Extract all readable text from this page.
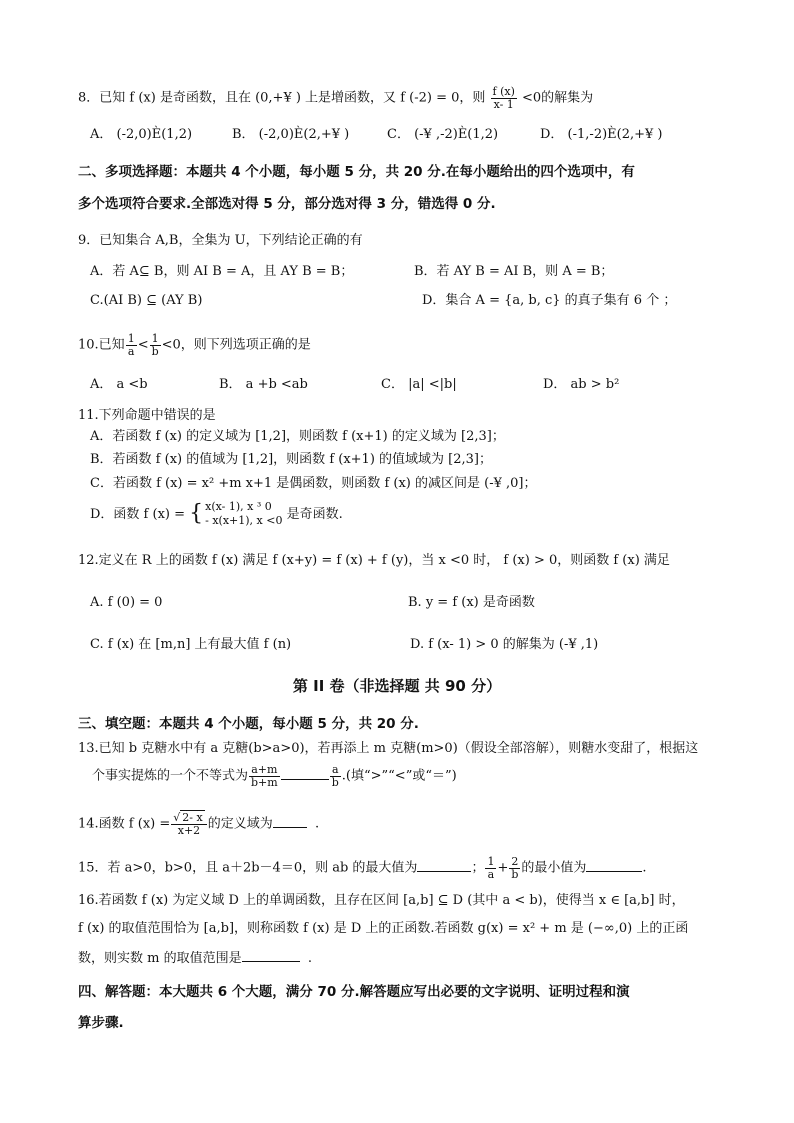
8．已知 f (x) 是奇函数，且在 (0,+¥ ) 上是增函数，又 f (-2) = 0，则 $\frac{f (x)}{x- 1} <0$的解集为
A． (-2,0)È(1,2)	B． (-2,0)È(2,+¥ )	C． (-¥ ,-2)È(1,2)	D． (-1,-2)È(2,+¥ )
二、多项选择题：本题共 4 个小题，每小题 5 分，共 20 分.在每小题给出的四个选项中，有
多个选项符合要求.全部选对得 5 分，部分选对得 3 分，错选得 0 分.
9．已知集合 A,B，全集为 U，下列结论正确的有
A．若 A⊆ B，则 AI B = A，且 AY B = B；	B．若 AY B = AI B，则 A = B；
C.(AI B) ⊆ (AY B)	D．集合 A = {a, b, c} 的真子集有 6 个 ；
10.已知 $\frac{1}{a} < \frac{1}{b} <0$，则下列选项正确的是
A． a <b	B． a +b <ab	C． |a| <|b|	D． ab > b²
11.下列命题中错误的是
A．若函数 f (x) 的定义域为 [1,2]，则函数 f (x+1) 的定义域为 [2,3]；
B．若函数 f (x) 的值域为 [1,2]，则函数 f (x+1) 的值域域为 [2,3]；
C．若函数 f (x) = x² +m x+1 是偶函数，则函数 f (x) 的减区间是 (-¥ ,0]；
D．函数 f (x) = { x(x- 1), x ³ 0
- x(x+1), x <0 是奇函数.
12.定义在 R 上的函数 f (x) 满足 f (x+y) = f (x) + f (y)，当 x <0 时， f (x) > 0，则函数 f (x) 满足
A. f (0) = 0	B. y = f (x) 是奇函数
C. f (x) 在 [m,n] 上有最大值 f (n)	D. f (x- 1) > 0 的解集为 (-¥ ,1)
第 II 卷（非选择题 共 90 分）
三、填空题：本题共 4 个小题，每小题 5 分，共 20 分.
13.已知 b 克糖水中有 a 克糖(b>a>0)，若再添上 m 克糖(m>0)（假设全部溶解），则糖水变甜了，根据这
个事实提炼的一个不等式为 $\frac{a+m}{b+m}$	$\frac{a}{b}$ .(填“>”“<”或“＝”)
14.函数 f $(x) = \frac{√ 2- x}{x+2}$ 的定义域为	.
15．若 a>0，b>0，且 a＋2b－4＝0，则 ab 的最大值为	； $\frac{1}{a} + \frac{2}{b}$ 的最小值为	.
16.若函数 f (x) 为定义域 D 上的单调函数，且存在区间 [a,b] ⊆ D (其中 a < b)，使得当 x ∈ [a,b] 时，
f (x) 的取值范围恰为 [a,b]，则称函数 f (x) 是 D 上的正函数.若函数 g(x) = x² + m 是 (−∞,0) 上的正函
数，则实数 m 的取值范围是	.
四、解答题：本大题共 6 个大题，满分 70 分.解答题应写出必要的文字说明、证明过程和演
算步骤.
